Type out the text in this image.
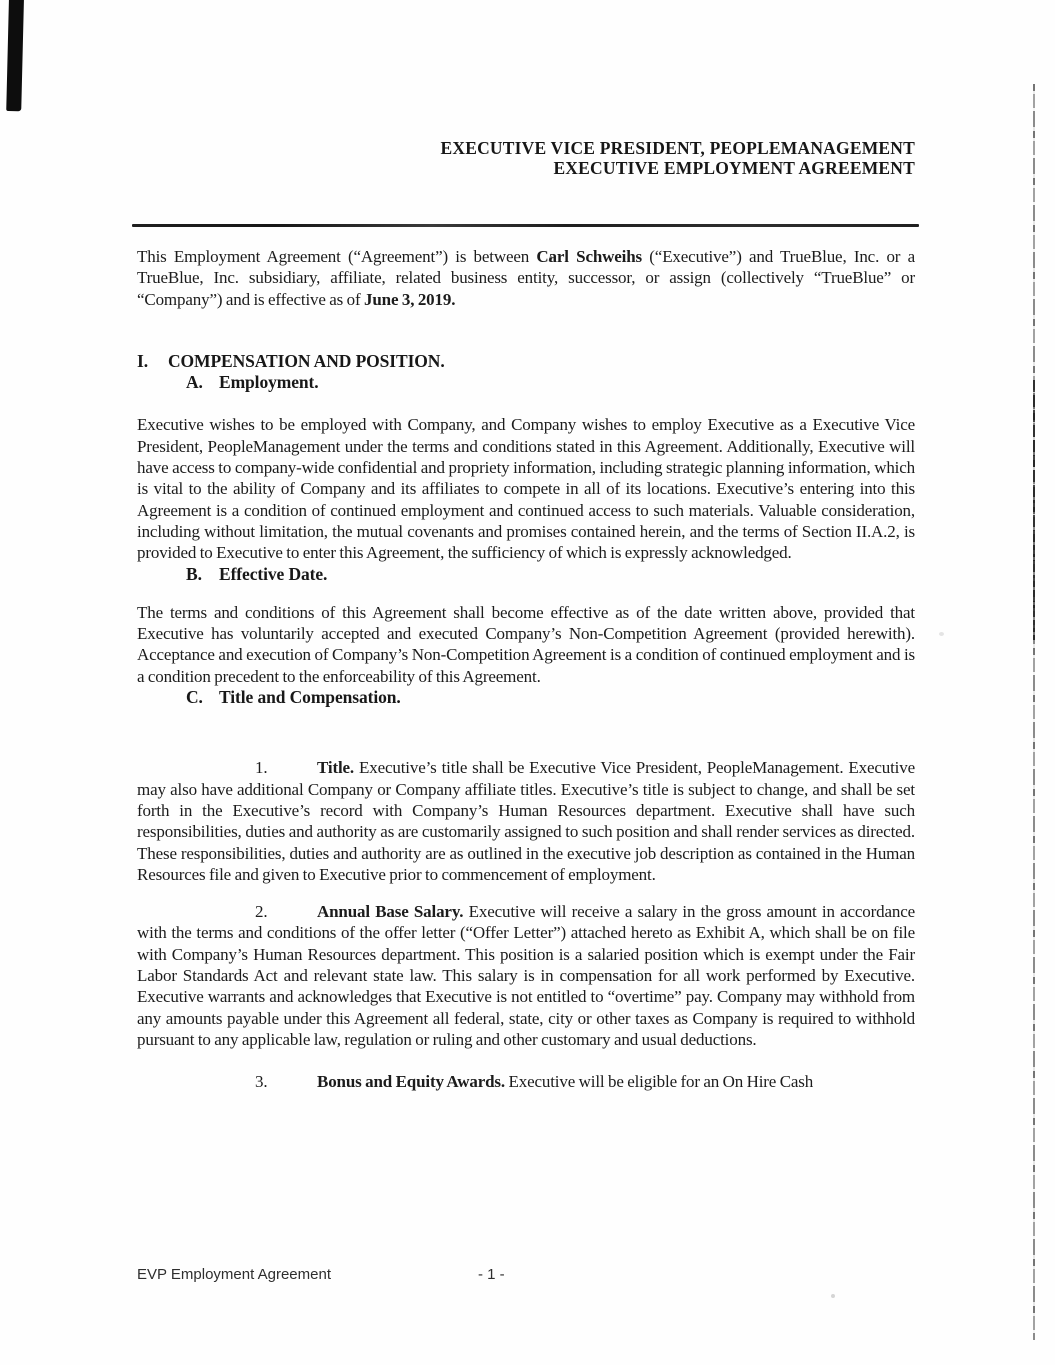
EXECUTIVE VICE PRESIDENT, PEOPLEMANAGEMENT
EXECUTIVE EMPLOYMENT AGREEMENT

This Employment Agreement (“Agreement”) is between Carl Schweihs (“Executive”) and TrueBlue, Inc. or a TrueBlue, Inc. subsidiary, affiliate, related business entity, successor, or assign (collectively “TrueBlue” or “Company”) and is effective as of June 3, 2019.

I. COMPENSATION AND POSITION.
A. Employment.

Executive wishes to be employed with Company, and Company wishes to employ Executive as a Executive Vice President, PeopleManagement under the terms and conditions stated in this Agreement. Additionally, Executive will have access to company-wide confidential and propriety information, including strategic planning information, which is vital to the ability of Company and its affiliates to compete in all of its locations. Executive’s entering into this Agreement is a condition of continued employment and continued access to such materials. Valuable consideration, including without limitation, the mutual covenants and promises contained herein, and the terms of Section II.A.2, is provided to Executive to enter this Agreement, the sufficiency of which is expressly acknowledged.

B. Effective Date.

The terms and conditions of this Agreement shall become effective as of the date written above, provided that Executive has voluntarily accepted and executed Company’s Non-Competition Agreement (provided herewith). Acceptance and execution of Company’s Non-Competition Agreement is a condition of continued employment and is a condition precedent to the enforceability of this Agreement.

C. Title and Compensation.

1.	Title. Executive’s title shall be Executive Vice President, PeopleManagement. Executive may also have additional Company or Company affiliate titles. Executive’s title is subject to change, and shall be set forth in the Executive’s record with Company’s Human Resources department. Executive shall have such responsibilities, duties and authority as are customarily assigned to such position and shall render services as directed. These responsibilities, duties and authority are as outlined in the executive job description as contained in the Human Resources file and given to Executive prior to commencement of employment.

2.	Annual Base Salary. Executive will receive a salary in the gross amount in accordance with the terms and conditions of the offer letter (“Offer Letter”) attached hereto as Exhibit A, which shall be on file with Company’s Human Resources department. This position is a salaried position which is exempt under the Fair Labor Standards Act and relevant state law. This salary is in compensation for all work performed by Executive. Executive warrants and acknowledges that Executive is not entitled to “overtime” pay. Company may withhold from any amounts payable under this Agreement all federal, state, city or other taxes as Company is required to withhold pursuant to any applicable law, regulation or ruling and other customary and usual deductions.

3.	Bonus and Equity Awards. Executive will be eligible for an On Hire Cash

EVP Employment Agreement	- 1 -
